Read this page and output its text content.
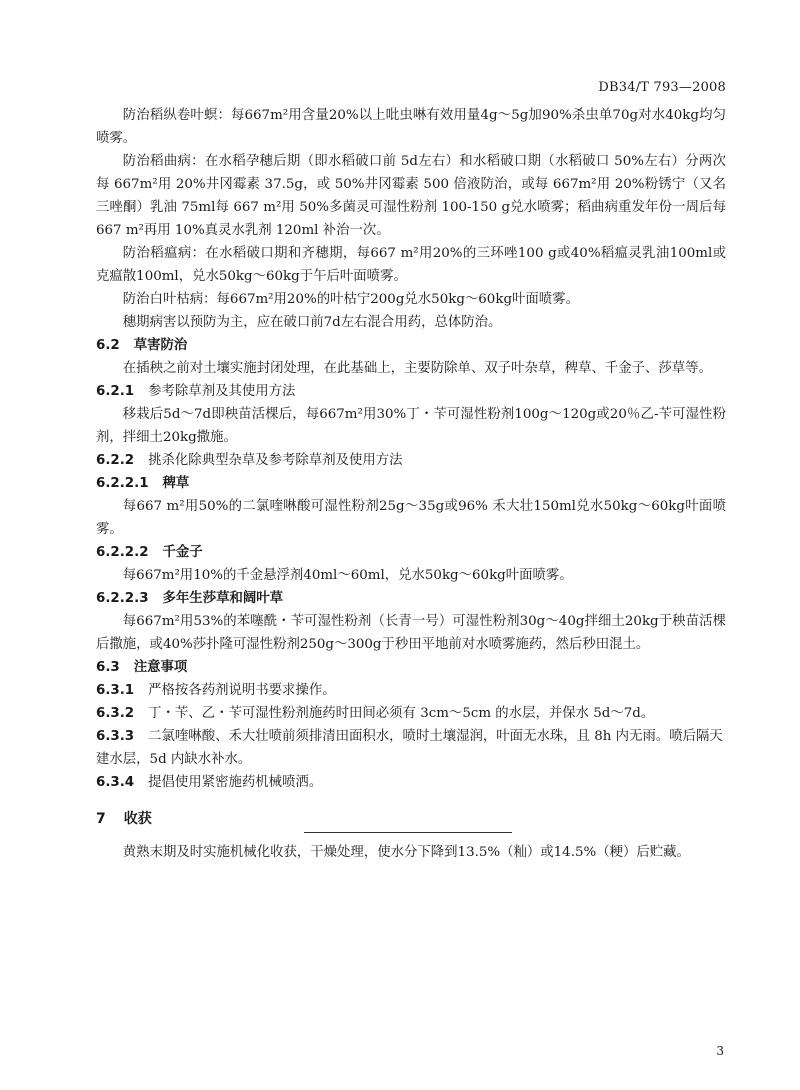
DB34/T 793—2008

防治稻纵卷叶螟：每667m²用含量20%以上吡虫啉有效用量4g～5g加90%杀虫单70g对水40kg均匀喷雾。

防治稻曲病：在水稻孕穗后期（即水稻破口前 5d左右）和水稻破口期（水稻破口 50%左右）分两次每 667m²用 20%井冈霉素 37.5g，或 50%井冈霉素 500 倍液防治，或每 667m²用 20%粉锈宁（又名三唑酮）乳油 75ml每 667 m²用 50%多菌灵可湿性粉剂 100-150 g兑水喷雾；稻曲病重发年份一周后每 667 m²再用 10%真灵水乳剂 120ml 补治一次。

防治稻瘟病：在水稻破口期和齐穗期，每667 m²用20%的三环唑100 g或40%稻瘟灵乳油100ml或克瘟散100ml，兑水50kg～60kg于午后叶面喷雾。

防治白叶枯病：每667m²用20%的叶枯宁200g兑水50kg～60kg叶面喷雾。

穗期病害以预防为主，应在破口前7d左右混合用药，总体防治。

6.2 草害防治

在插秧之前对土壤实施封闭处理，在此基础上，主要防除单、双子叶杂草，稗草、千金子、莎草等。

6.2.1 参考除草剂及其使用方法

移栽后5d～7d即秧苗活棵后，每667m²用30%丁・苄可湿性粉剂100g～120g或20％乙-苄可湿性粉剂，拌细土20kg撒施。

6.2.2 挑杀化除典型杂草及参考除草剂及使用方法
6.2.2.1 稗草

每667 m²用50%的二氯喹啉酸可湿性粉剂25g～35g或96% 禾大壮150ml兑水50kg～60kg叶面喷雾。

6.2.2.2 千金子

每667m²用10%的千金悬浮剂40ml～60ml，兑水50kg～60kg叶面喷雾。

6.2.2.3 多年生莎草和阔叶草

每667m²用53%的苯噻酰・苄可湿性粉剂（长青一号）可湿性粉剂30g～40g拌细土20kg于秧苗活棵后撒施，或40%莎扑隆可湿性粉剂250g～300g于秒田平地前对水喷雾施药，然后秒田混土。

6.3 注意事项
6.3.1 严格按各药剂说明书要求操作。
6.3.2 丁・苄、乙・苄可湿性粉剂施药时田间必须有 3cm～5cm 的水层，并保水 5d～7d。
6.3.3 二氯喹啉酸、禾大壮喷前须排清田面积水，喷时土壤湿润，叶面无水珠，且 8h 内无雨。喷后隔天建水层，5d 内缺水补水。
6.3.4 提倡使用紧密施药机械喷洒。
7 收获

黄熟末期及时实施机械化收获，干燥处理，使水分下降到13.5%（籼）或14.5%（粳）后贮藏。

3
